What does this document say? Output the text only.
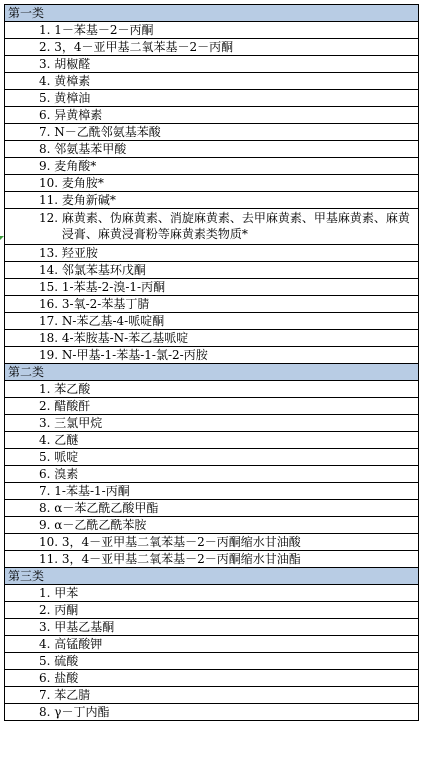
第一类
1. 1－苯基－2－丙酮
2. 3，4－亚甲基二氧苯基－2－丙酮
3. 胡椒醛
4. 黄樟素
5. 黄樟油
6. 异黄樟素
7. N－乙酰邻氨基苯酸
8. 邻氨基苯甲酸
9. 麦角酸*
10. 麦角胺*
11. 麦角新碱*
12. 麻黄素、伪麻黄素、消旋麻黄素、去甲麻黄素、甲基麻黄素、麻黄浸膏、麻黄浸膏粉等麻黄素类物质*
13. 羟亚胺
14. 邻氯苯基环戊酮
15. 1-苯基-2-溴-1-丙酮
16. 3-氧-2-苯基丁腈
17. N-苯乙基-4-哌啶酮
18. 4-苯胺基-N-苯乙基哌啶
19. N-甲基-1-苯基-1-氯-2-丙胺
第二类
1. 苯乙酸
2. 醋酸酐
3. 三氯甲烷
4. 乙醚
5. 哌啶
6. 溴素
7. 1-苯基-1-丙酮
8. α－苯乙酰乙酸甲酯
9. α－乙酰乙酰苯胺
10. 3，4－亚甲基二氧苯基－2－丙酮缩水甘油酸
11. 3，4－亚甲基二氧苯基－2－丙酮缩水甘油酯
第三类
1. 甲苯
2. 丙酮
3. 甲基乙基酮
4. 高锰酸钾
5. 硫酸
6. 盐酸
7. 苯乙腈
8. γ－丁内酯
